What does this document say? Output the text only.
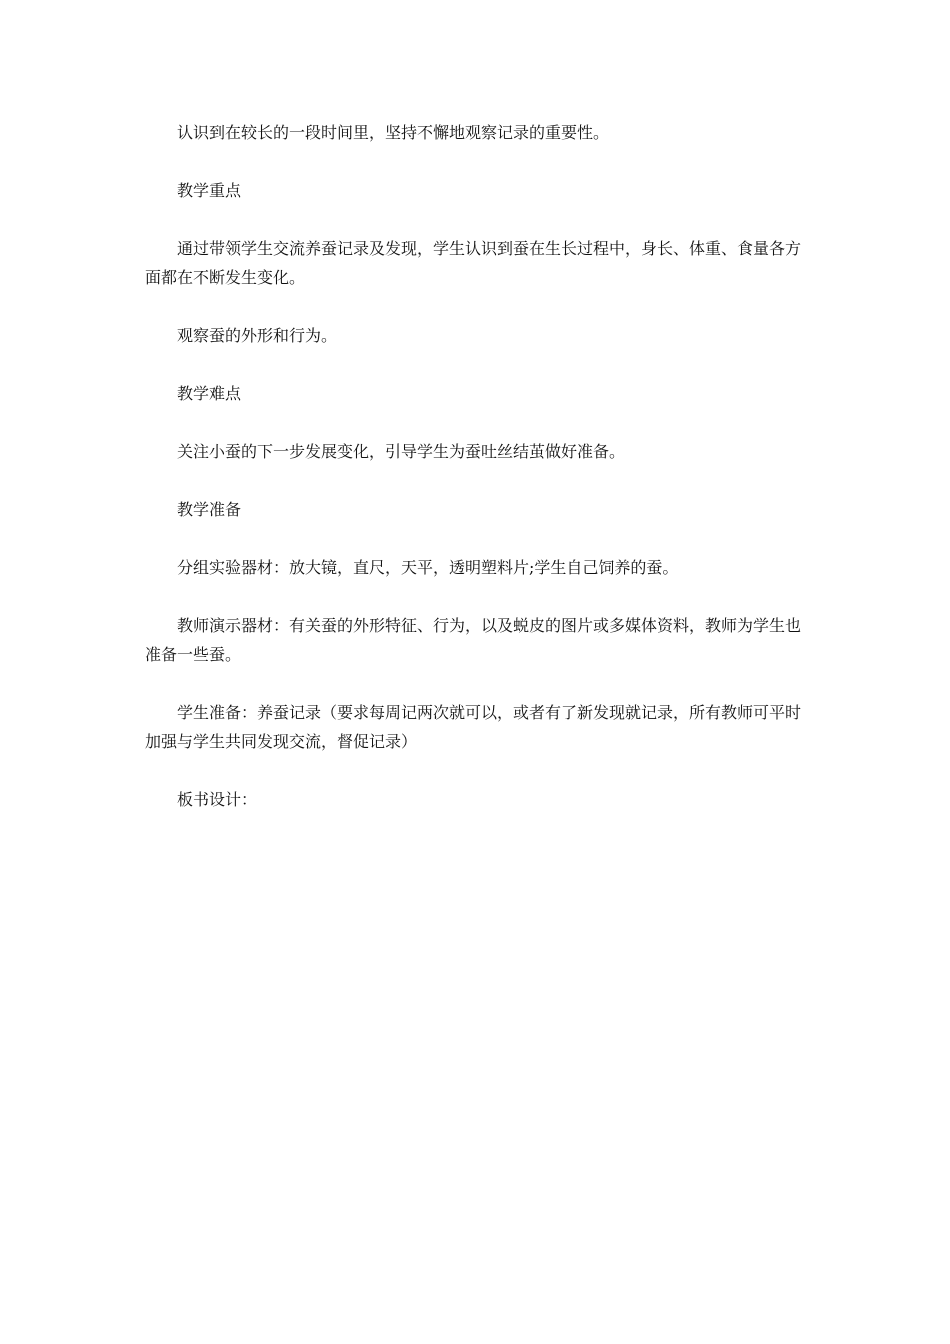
认识到在较长的一段时间里，坚持不懈地观察记录的重要性。

教学重点

通过带领学生交流养蚕记录及发现，学生认识到蚕在生长过程中，身长、体重、食量各方面都在不断发生变化。

观察蚕的外形和行为。

教学难点

关注小蚕的下一步发展变化，引导学生为蚕吐丝结茧做好准备。

教学准备

分组实验器材：放大镜，直尺，天平，透明塑料片;学生自己饲养的蚕。

教师演示器材：有关蚕的外形特征、行为，以及蜕皮的图片或多媒体资料，教师为学生也准备一些蚕。

学生准备：养蚕记录（要求每周记两次就可以，或者有了新发现就记录，所有教师可平时加强与学生共同发现交流，督促记录）

板书设计：
